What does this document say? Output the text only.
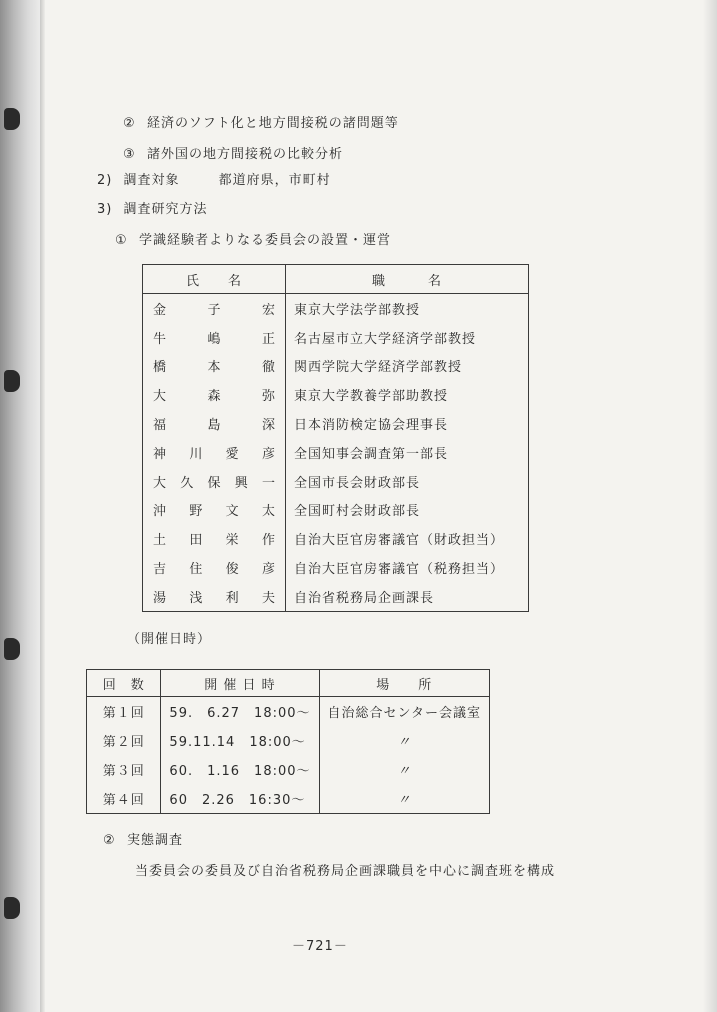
② 経済のソフト化と地方間接税の諸問題等
③ 諸外国の地方間接税の比較分析
2) 調査対象	都道府県，市町村
3) 調査研究方法
① 学識経験者よりなる委員会の設置・運営
氏　　名	職　　　名

金 子 宏	東京大学法学部教授

牛 嶋 正	名古屋市立大学経済学部教授

橋 本 徹	関西学院大学経済学部教授

大 森 弥	東京大学教養学部助教授

福 島 深	日本消防検定協会理事長

神 川 愛 彦	全国知事会調査第一部長

大 久 保 興 一	全国市長会財政部長

沖 野 文 太	全国町村会財政部長

土 田 栄 作	自治大臣官房審議官（財政担当）

吉 住 俊 彦	自治大臣官房審議官（税務担当）

湯 浅 利 夫	自治省税務局企画課長
（開催日時）
回　数	開 催 日 時	場　　所
第１回	59.　6.27　18:00～	自治総合センター会議室
第２回	59.11.14　18:00～	〃
第３回	60.　1.16　18:00～	〃
第４回	60　2.26　16:30～	〃
② 実態調査
当委員会の委員及び自治省税務局企画課職員を中心に調査班を構成
－721－
